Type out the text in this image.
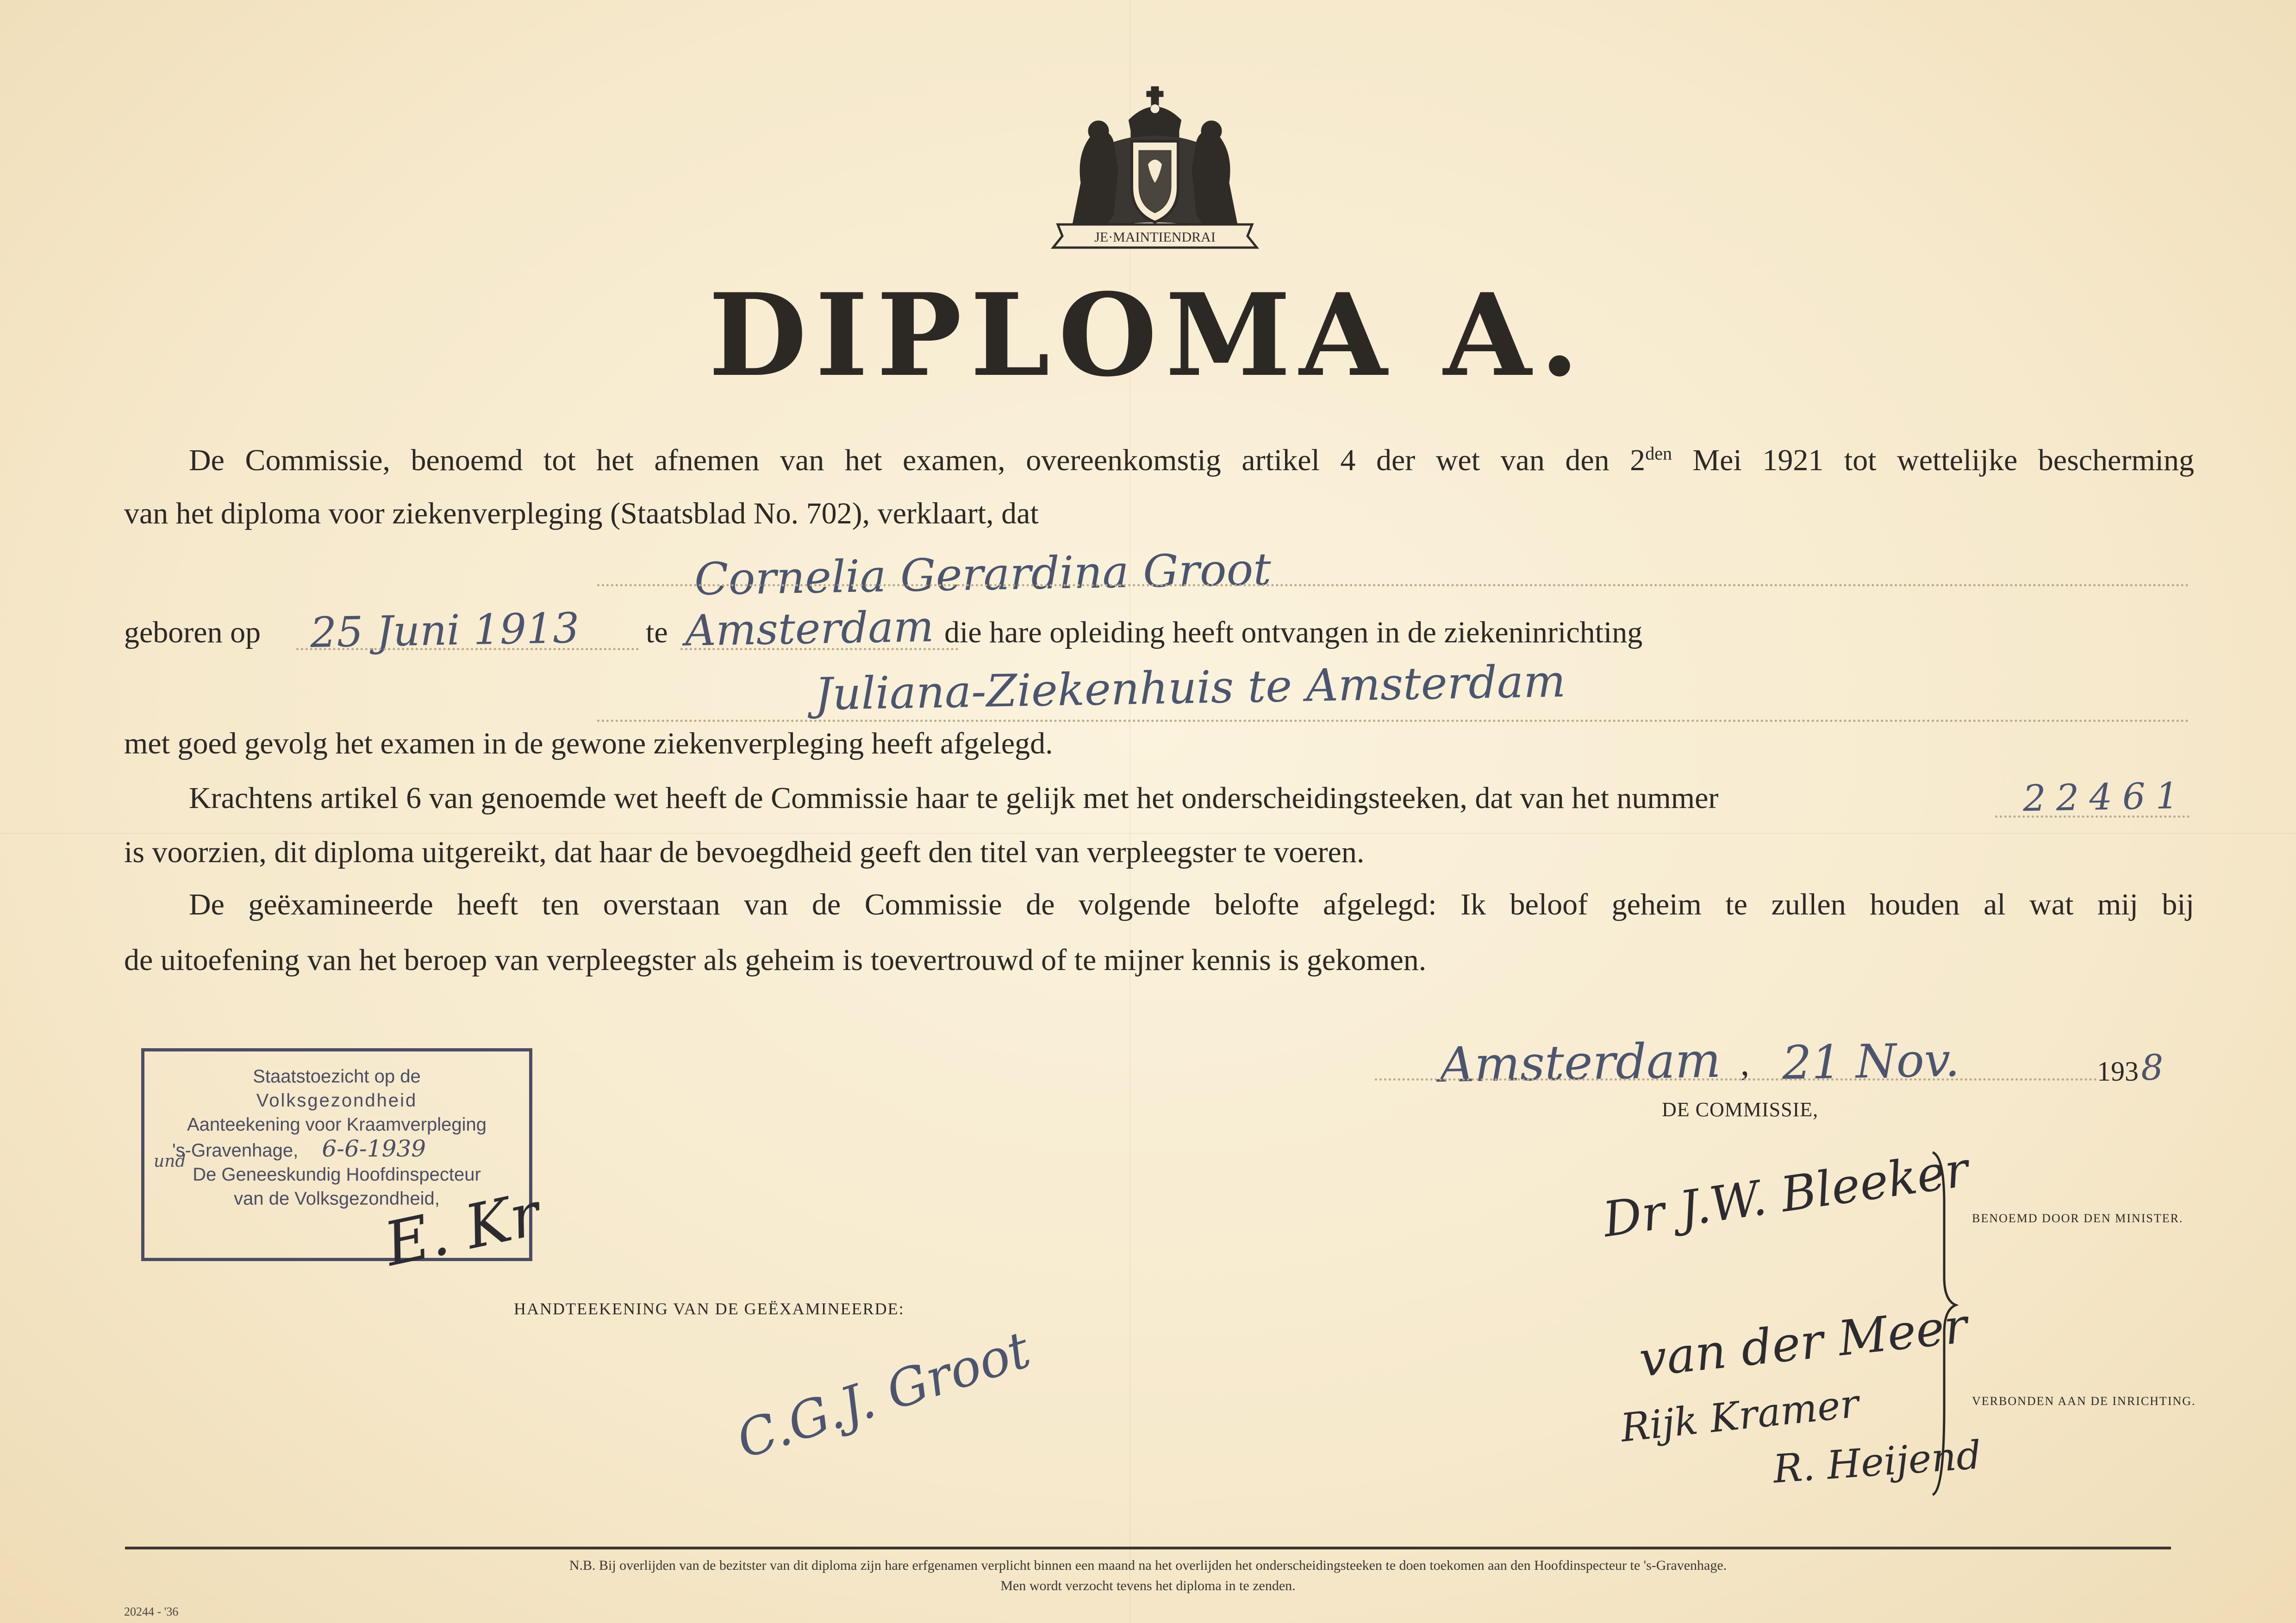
JE·MAINTIENDRAI
DIPLOMA A.
De Commissie, benoemd tot het afnemen van het examen, overeenkomstig artikel 4 der wet van den $2^{den}$ Mei 1921 tot wettelijke bescherming
van het diploma voor ziekenverpleging (Staatsblad No. 702), verklaart, dat
Cornelia Gerardina Groot
geboren op 25 Juni 1913 te Amsterdam die hare opleiding heeft ontvangen in de ziekeninrichting
Juliana-Ziekenhuis te Amsterdam
met goed gevolg het examen in de gewone ziekenverpleging heeft afgelegd.
Krachtens artikel 6 van genoemde wet heeft de Commissie haar te gelijk met het onderscheidingsteeken, dat van het nummer	22461
is voorzien, dit diploma uitgereikt, dat haar de bevoegdheid geeft den titel van verpleegster te voeren.
De geëxamineerde heeft ten overstaan van de Commissie de volgende belofte afgelegd: Ik beloof geheim te zullen houden al wat mij bij
de uitoefening van het beroep van verpleegster als geheim is toevertrouwd of te mijner kennis is gekomen.
Amsterdam , 21 Nov.	193 8
DE COMMISSIE,
Staatstoezicht op de
Volksgezondheid
Aanteekening voor Kraamverpleging
's-Gravenhage, 6-6-1939
und
De Geneeskundig Hoofdinspecteur
van de Volksgezondheid,
E. Kr
HANDTEEKENING VAN DE GEËXAMINEERDE:
C.G.J. Groot
Dr J.W. Bleeker
van der Meer
Rijk Kramer
R. Heijend
BENOEMD DOOR DEN MINISTER.
VERBONDEN AAN DE INRICHTING.
N.B. Bij overlijden van de bezitster van dit diploma zijn hare erfgenamen verplicht binnen een maand na het overlijden het onderscheidingsteeken te doen toekomen aan den Hoofdinspecteur te 's-Gravenhage.
Men wordt verzocht tevens het diploma in te zenden.
20244 - '36
